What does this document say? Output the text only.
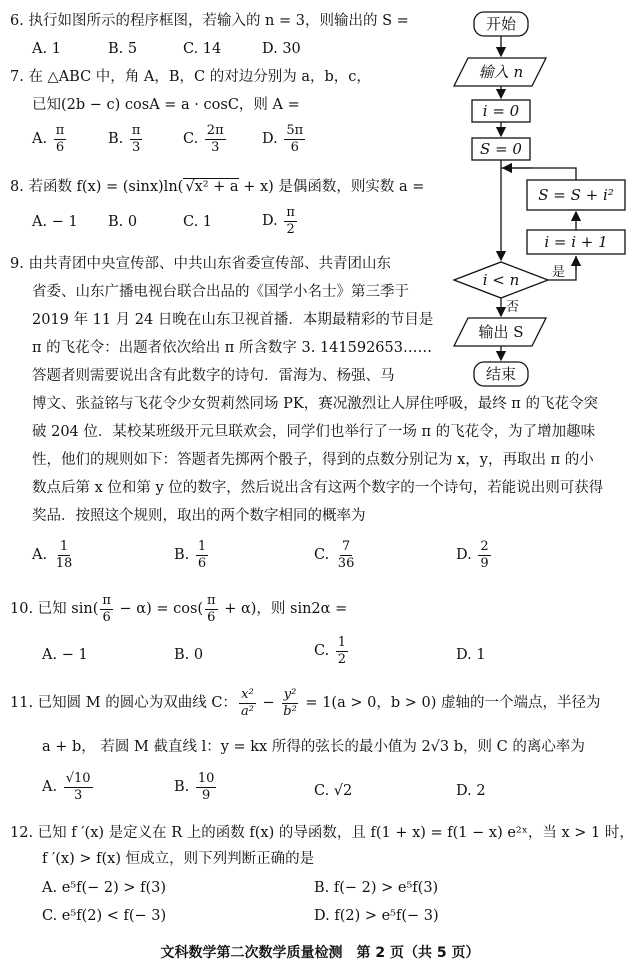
6. 执行如图所示的程序框图，若输入的 n = 3，则输出的 S =
A. 1	B. 5	C. 14	D. 30
7. 在 △ABC 中，角 A，B，C 的对边分别为 a，b，c，
已知(2b − c) cosA = a · cosC，则 A =
A. $\frac{\pi}{6}$	B. $\frac{\pi}{3}$	C. $\frac{2\pi}{3}$	D. $\frac{5\pi}{6}$
8. 若函数 f(x) = (sinx)ln( √x² + a + x) 是偶函数，则实数 a =
A. − 1 B. 0	C. 1	D. $\frac{\pi}{2}$
9. 由共青团中央宣传部、中共山东省委宣传部、共青团山东
省委、山东广播电视台联合出品的《国学小名士》第三季于
2019 年 11 月 24 日晚在山东卫视首播．本期最精彩的节目是
π 的飞花令：出题者依次给出 π 所含数字 3. 141592653……
答题者则需要说出含有此数字的诗句．雷海为、杨强、马
博文、张益铭与飞花令少女贺莉然同场 PK，赛况激烈让人屏住呼吸，最终 π 的飞花令突
破 204 位．某校某班级开元旦联欢会，同学们也举行了一场 π 的飞花令，为了增加趣味
性，他们的规则如下：答题者先掷两个骰子，得到的点数分别记为 x，y，再取出 π 的小
数点后第 x 位和第 y 位的数字，然后说出含有这两个数字的一个诗句，若能说出则可获得
奖品．按照这个规则，取出的两个数字相同的概率为
A. $\frac{1}{18}$	B. $\frac{1}{6}$	C. $\frac{7}{36}$	D. $\frac{2}{9}$
10. 已知 $\sin( \frac{\pi}{6} - \alpha) = \cos( \frac{\pi}{6} + \alpha)$，则 sin2α =
A. − 1	B. 0	C. $\frac{1}{2}$	D. 1
11. 已知圆 M 的圆心为双曲线 C： $\frac{\text{x²}}{\text{a²}} - \frac{\text{y²}}{\text{b²}} = 1(a > 0$，b > 0) 虚轴的一个端点，半径为
a + b， 若圆 M 截直线 l：y = kx 所得的弦长的最小值为 2√3 b，则 C 的离心率为
A. $\frac{√10}{3}$	B. $\frac{10}{9}$	C. √2	D. 2
12. 已知 f ′(x) 是定义在 R 上的函数 f(x) 的导函数，且 f(1 + x) = f(1 − x) e²ˣ，当 x > 1 时，
f ′(x) > f(x) 恒成立，则下列判断正确的是
A. e⁵f(− 2) > f(3)	B. f(− 2) > e⁵f(3)
C. e⁵f(2) < f(− 3)	D. f(2) > e⁵f(− 3)
文科数学第二次数学质量检测　第 2 页（共 5 页）
开始
输入 n
i = 0
S = 0
S = S + i²
i = i + 1
i < n	是
否
输出 S
结束
